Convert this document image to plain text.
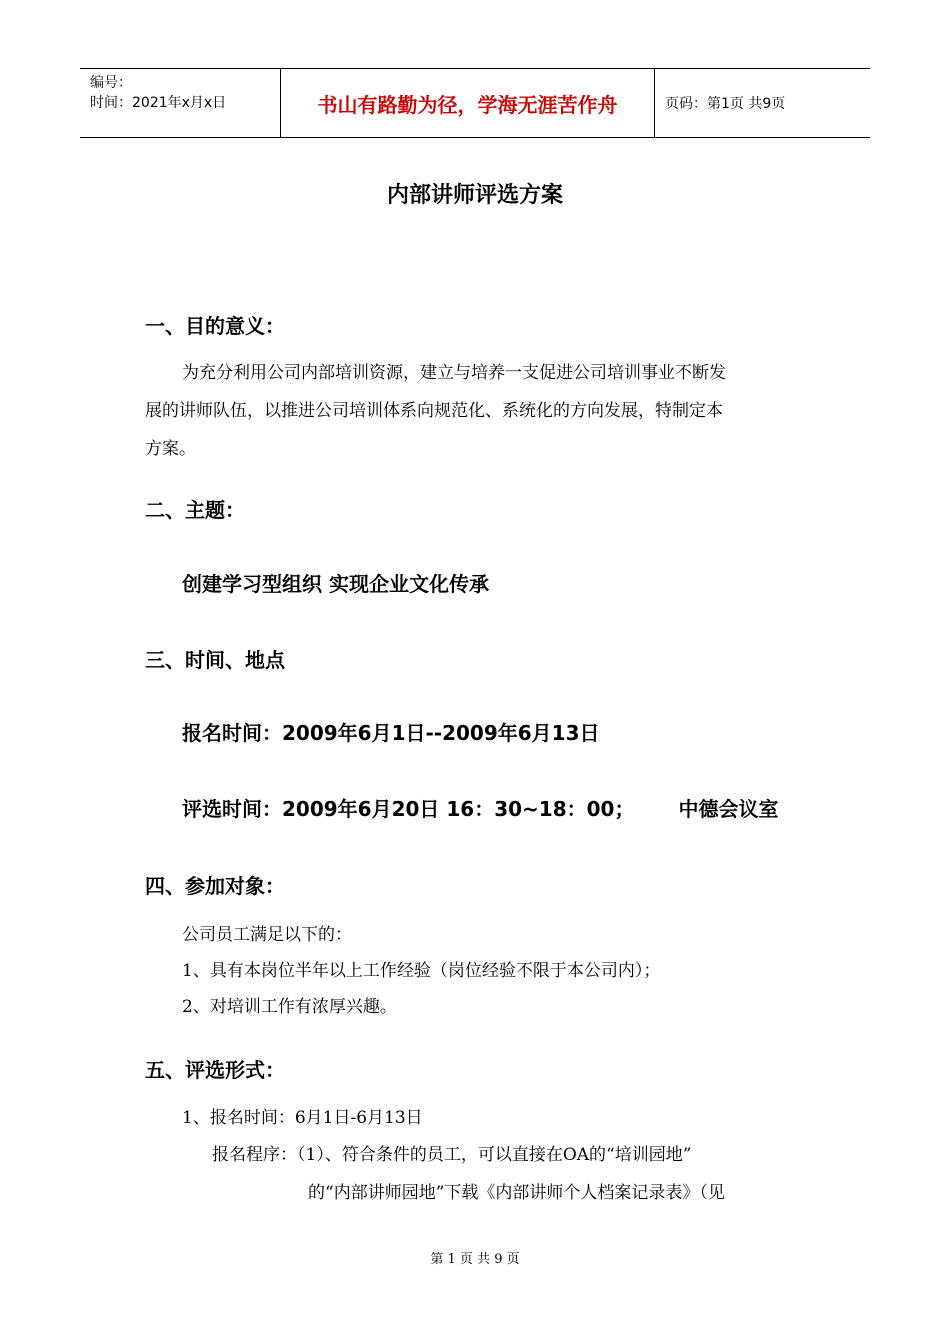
编号：
时间：2021年x月x日	书山有路勤为径，学海无涯苦作舟	页码：第1页 共9页
内部讲师评选方案
一、目的意义：
为充分利用公司内部培训资源，建立与培养一支促进公司培训事业不断发
展的讲师队伍，以推进公司培训体系向规范化、系统化的方向发展，特制定本
方案。
二、主题：
创建学习型组织 实现企业文化传承
三、时间、地点
报名时间：2009年6月1日--2009年6月13日
评选时间：2009年6月20日 16：30~18：00； 中德会议室
四、参加对象：
公司员工满足以下的：
1、具有本岗位半年以上工作经验（岗位经验不限于本公司内）；
2、对培训工作有浓厚兴趣。
五、评选形式：
1、报名时间：6月1日-6月13日
报名程序：（1）、符合条件的员工，可以直接在OA的“培训园地”
的“内部讲师园地”下载《内部讲师个人档案记录表》（见
第 1 页 共 9 页
